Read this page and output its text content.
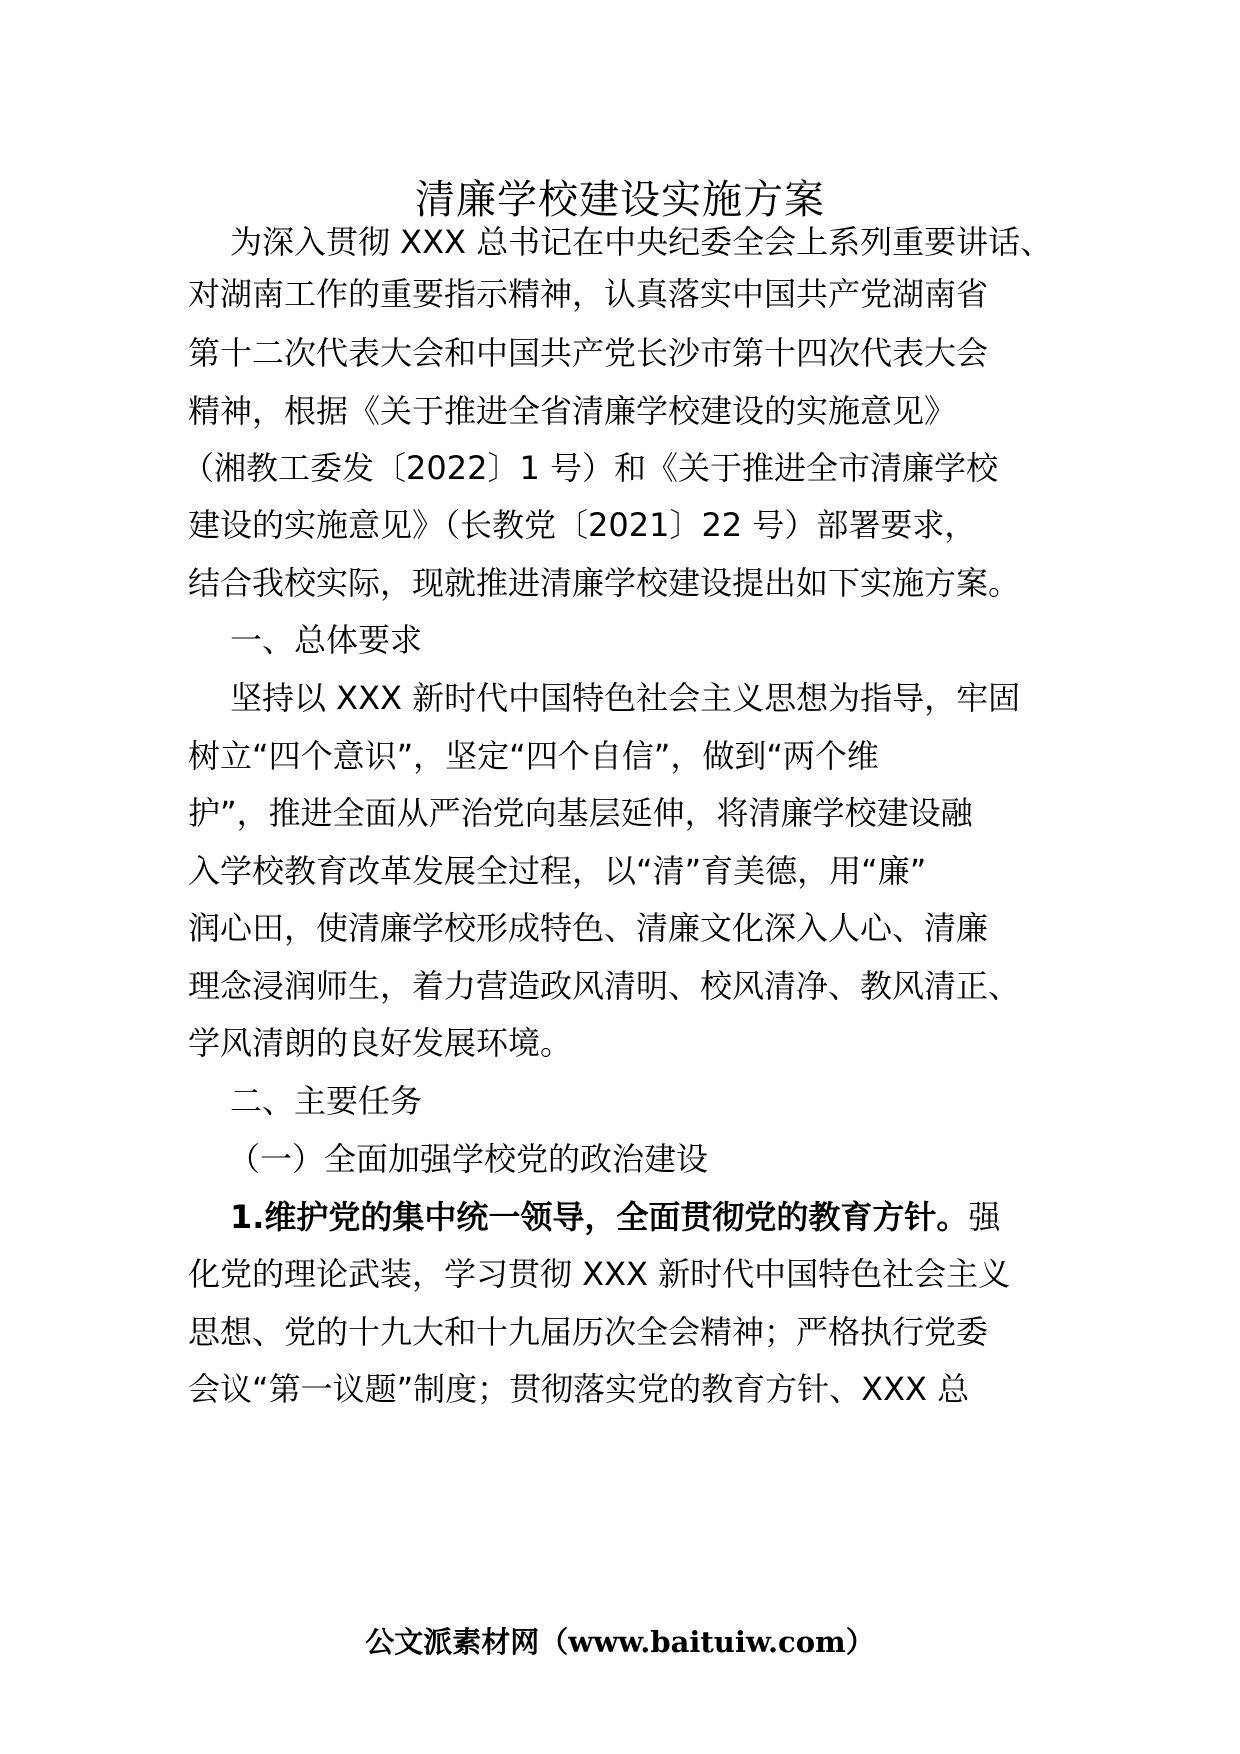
清廉学校建设实施方案
为深入贯彻 XXX 总书记在中央纪委全会上系列重要讲话、
对湖南工作的重要指示精神，认真落实中国共产党湖南省
第十二次代表大会和中国共产党长沙市第十四次代表大会
精神，根据《关于推进全省清廉学校建设的实施意见》
（湘教工委发〔2022〕1 号）和《关于推进全市清廉学校
建设的实施意见》（长教党〔2021〕22 号）部署要求，
结合我校实际，现就推进清廉学校建设提出如下实施方案。
一、总体要求
坚持以 XXX 新时代中国特色社会主义思想为指导，牢固
树立“四个意识”，坚定“四个自信”，做到“两个维
护”，推进全面从严治党向基层延伸，将清廉学校建设融
入学校教育改革发展全过程，以“清”育美德，用“廉”
润心田，使清廉学校形成特色、清廉文化深入人心、清廉
理念浸润师生，着力营造政风清明、校风清净、教风清正、
学风清朗的良好发展环境。
二、主要任务
（一）全面加强学校党的政治建设
1.维护党的集中统一领导，全面贯彻党的教育方针。强
化党的理论武装，学习贯彻 XXX 新时代中国特色社会主义
思想、党的十九大和十九届历次全会精神；严格执行党委
会议“第一议题”制度；贯彻落实党的教育方针、XXX 总
公文派素材网（www.baituiw.com）
